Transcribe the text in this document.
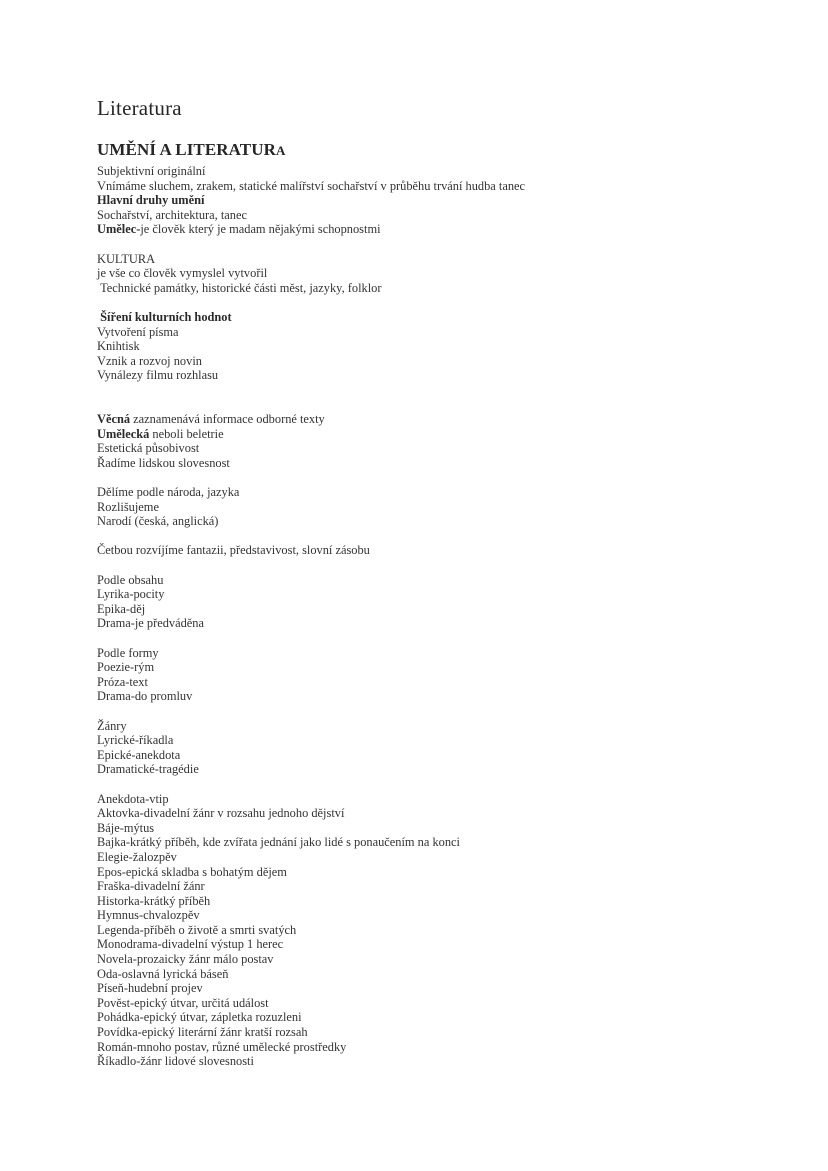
Literatura
UMĚNÍ A LITERATURA
Subjektivní originální
Vnímáme sluchem, zrakem, statické malířství sochařství v průběhu trvání hudba tanec
Hlavní druhy umění
Sochařství, architektura, tanec
Umělec-je člověk který je madam nějakými schopnostmi

KULTURA
je vše co člověk vymyslel vytvořil
Technické památky, historické části měst, jazyky, folklor

Šíření kulturních hodnot
Vytvoření písma
Knihtisk
Vznik a rozvoj novin
Vynálezy filmu rozhlasu

Věcná zaznamenává informace odborné texty
Umělecká neboli beletrie
Estetická působivost
Řadíme lidskou slovesnost

Dělíme podle národa, jazyka
Rozlišujeme
Narodí (česká, anglická)

Četbou rozvíjíme fantazii, představivost, slovní zásobu

Podle obsahu
Lyrika-pocity
Epika-děj
Drama-je předváděna

Podle formy
Poezie-rým
Próza-text
Drama-do promluv

Žánry
Lyrické-říkadla
Epické-anekdota
Dramatické-tragédie

Anekdota-vtip
Aktovka-divadelní žánr v rozsahu jednoho dějství
Báje-mýtus
Bajka-krátký příběh, kde zvířata jednání jako lidé s ponaučením na konci
Elegie-žalozpěv
Epos-epická skladba s bohatým dějem
Fraška-divadelní žánr
Historka-krátký příběh
Hymnus-chvalozpěv
Legenda-příběh o životě a smrti svatých
Monodrama-divadelní výstup 1 herec
Novela-prozaicky žánr málo postav
Oda-oslavná lyrická báseň
Píseň-hudební projev
Pověst-epický útvar, určitá událost
Pohádka-epický útvar, zápletka rozuzleni
Povídka-epický literární žánr kratší rozsah
Román-mnoho postav, různé umělecké prostředky
Říkadlo-žánr lidové slovesnosti
